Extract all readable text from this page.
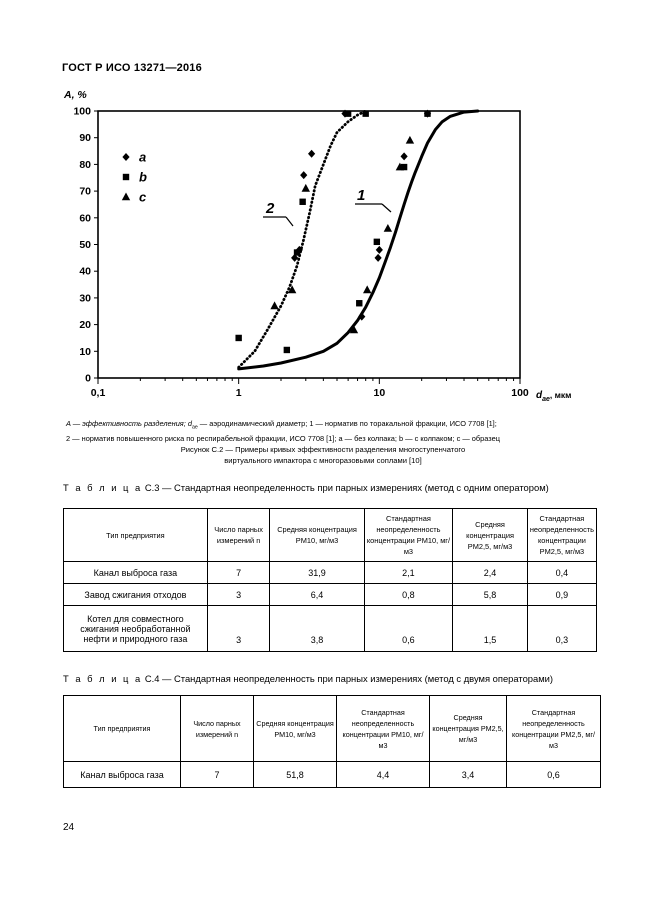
ГОСТ Р ИСО 13271—2016
0
10
20
30
40
50
60
70
80
90
100
0,1	1	10	100
A, %
$d_{ae}^{, мкм}$
a
b
c	1
2
A — эффективность разделения; $d_{ae}$ — аэродинамический диаметр; 1 — норматив по торакальной фракции, ИСО 7708 [1];
2 — норматив повышенного риска по респирабельной фракции, ИСО 7708 [1]; a — без колпака; b — с колпаком; c — образец
Рисунок С.2 — Примеры кривых эффективности разделения многоступенчатого
виртуального импактора с многоразовыми соплами [10]
Т а б л и ц а С.3 — Стандартная неопределенность при парных измерениях (метод с одним оператором)
Тип предприятия	Число парных измерений n	Средняя концентрация PM10, мг/м3	Стандартная неопределенность концентрации PM10, мг/м3	Средняя концентрация PM2,5, мг/м3	Стандартная неопределенность концентрации PM2,5, мг/м3
Канал выброса газа	7	31,9	2,1	2,4	0,4
Завод сжигания отходов	3	6,4	0,8	5,8	0,9
Котел для совместного сжигания необработанной нефти и природного газа	3	3,8	0,6	1,5	0,3
Т а б л и ц а С.4 — Стандартная неопределенность при парных измерениях (метод с двумя операторами)
Тип предприятия	Число парных измерений n	Средняя концентрация PM10, мг/м3	Стандартная неопределенность концентрации PM10, мг/м3	Средняя концентрация PM2,5, мг/м3	Стандартная неопределенность концентрации PM2,5, мг/м3
Канал выброса газа	7	51,8	4,4	3,4	0,6
24
